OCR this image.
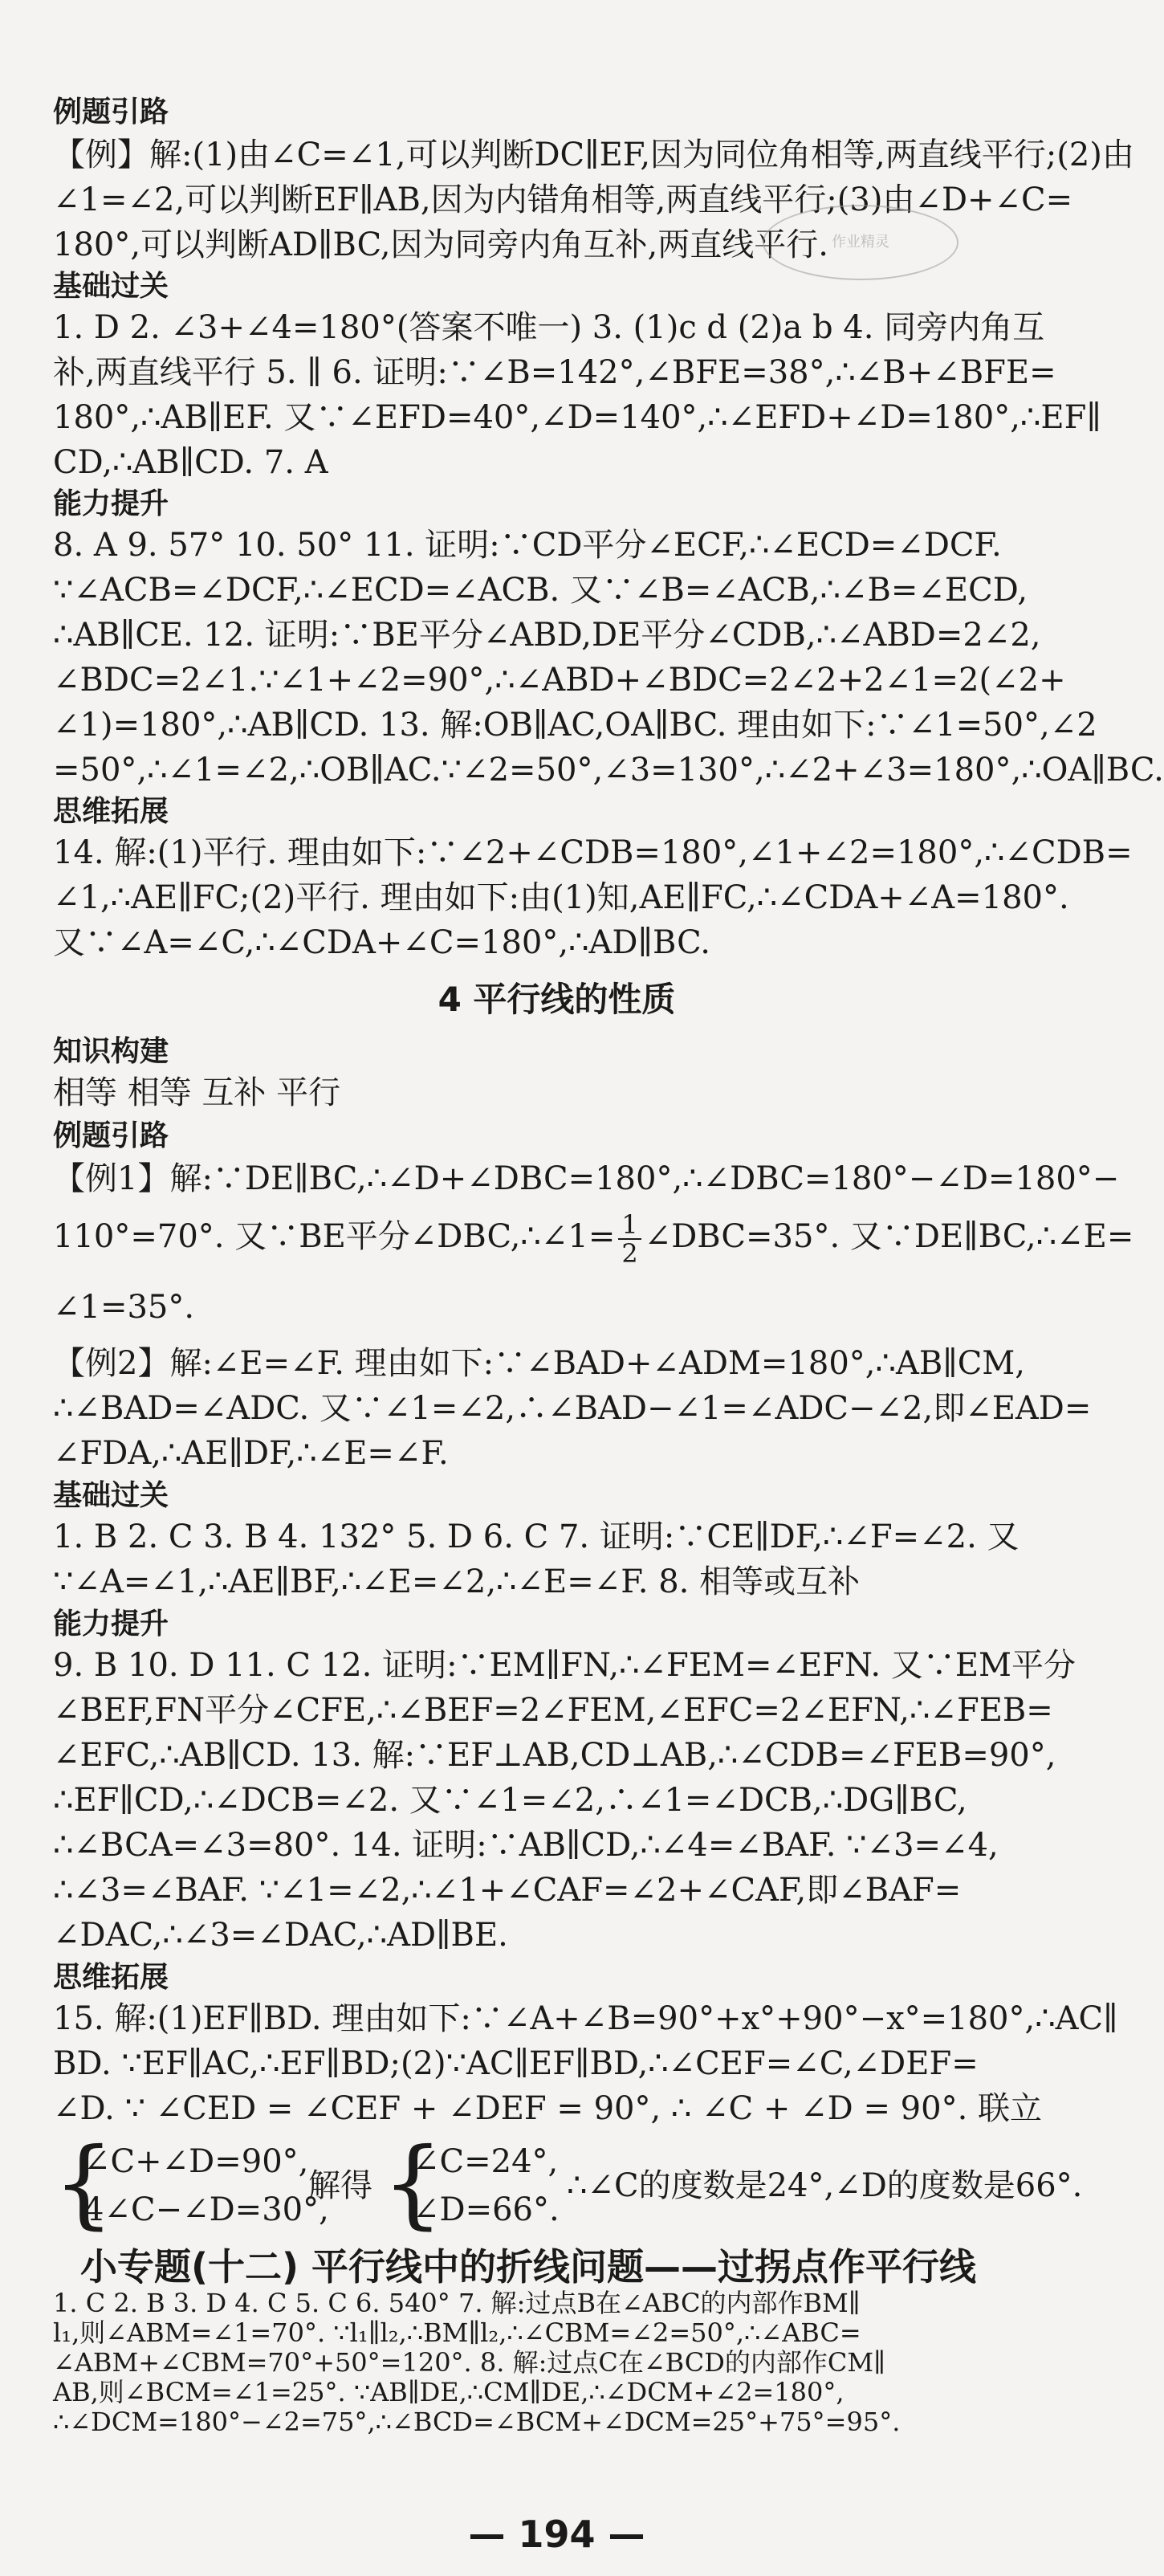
例题引路
【例】解:(1)由∠C=∠1,可以判断DC∥EF,因为同位角相等,两直线平行;(2)由
∠1=∠2,可以判断EF∥AB,因为内错角相等,两直线平行;(3)由∠D+∠C=
180°,可以判断AD∥BC,因为同旁内角互补,两直线平行. 作业精灵
基础过关
1. D 2. ∠3+∠4=180°(答案不唯一) 3. (1)c d (2)a b 4. 同旁内角互
补,两直线平行 5. ∥ 6. 证明:∵∠B=142°,∠BFE=38°,∴∠B+∠BFE=
180°,∴AB∥EF. 又∵∠EFD=40°,∠D=140°,∴∠EFD+∠D=180°,∴EF∥
CD,∴AB∥CD. 7. A
能力提升
8. A 9. 57° 10. 50° 11. 证明:∵CD平分∠ECF,∴∠ECD=∠DCF.
∵∠ACB=∠DCF,∴∠ECD=∠ACB. 又∵∠B=∠ACB,∴∠B=∠ECD,
∴AB∥CE. 12. 证明:∵BE平分∠ABD,DE平分∠CDB,∴∠ABD=2∠2,
∠BDC=2∠1.∵∠1+∠2=90°,∴∠ABD+∠BDC=2∠2+2∠1=2(∠2+
∠1)=180°,∴AB∥CD. 13. 解:OB∥AC,OA∥BC. 理由如下:∵∠1=50°,∠2
=50°,∴∠1=∠2,∴OB∥AC.∵∠2=50°,∠3=130°,∴∠2+∠3=180°,∴OA∥BC.
思维拓展
14. 解:(1)平行. 理由如下:∵∠2+∠CDB=180°,∠1+∠2=180°,∴∠CDB=
∠1,∴AE∥FC;(2)平行. 理由如下:由(1)知,AE∥FC,∴∠CDA+∠A=180°.
又∵∠A=∠C,∴∠CDA+∠C=180°,∴AD∥BC.
4 平行线的性质
知识构建
相等 相等 互补 平行
例题引路
【例1】解:∵DE∥BC,∴∠D+∠DBC=180°,∴∠DBC=180°−∠D=180°−
110°=70°. 又∵BE平分∠DBC,∴∠1= $\frac{1}{2}$ ∠DBC=35°. 又∵DE∥BC,∴∠E=
∠1=35°.
【例2】解:∠E=∠F. 理由如下:∵∠BAD+∠ADM=180°,∴AB∥CM,
∴∠BAD=∠ADC. 又∵∠1=∠2,∴∠BAD−∠1=∠ADC−∠2,即∠EAD=
∠FDA,∴AE∥DF,∴∠E=∠F.
基础过关
1. B 2. C 3. B 4. 132° 5. D 6. C 7. 证明:∵CE∥DF,∴∠F=∠2. 又
∵∠A=∠1,∴AE∥BF,∴∠E=∠2,∴∠E=∠F. 8. 相等或互补
能力提升
9. B 10. D 11. C 12. 证明:∵EM∥FN,∴∠FEM=∠EFN. 又∵EM平分
∠BEF,FN平分∠CFE,∴∠BEF=2∠FEM,∠EFC=2∠EFN,∴∠FEB=
∠EFC,∴AB∥CD. 13. 解:∵EF⊥AB,CD⊥AB,∴∠CDB=∠FEB=90°,
∴EF∥CD,∴∠DCB=∠2. 又∵∠1=∠2,∴∠1=∠DCB,∴DG∥BC,
∴∠BCA=∠3=80°. 14. 证明:∵AB∥CD,∴∠4=∠BAF. ∵∠3=∠4,
∴∠3=∠BAF. ∵∠1=∠2,∴∠1+∠CAF=∠2+∠CAF,即∠BAF=
∠DAC,∴∠3=∠DAC,∴AD∥BE.
思维拓展
15. 解:(1)EF∥BD. 理由如下:∵∠A+∠B=90°+x°+90°−x°=180°,∴AC∥
BD. ∵EF∥AC,∴EF∥BD;(2)∵AC∥EF∥BD,∴∠CEF=∠C,∠DEF=
∠D. ∵ ∠CED = ∠CEF + ∠DEF = 90°, ∴ ∠C + ∠D = 90°. 联立
{
∠C+∠D=90°,
4∠C−∠D=30°,
解得 {
∠C=24°,
∠D=66°.
∴∠C的度数是24°,∠D的度数是66°.
小专题(十二) 平行线中的折线问题——过拐点作平行线
1. C 2. B 3. D 4. C 5. C 6. 540° 7. 解:过点B在∠ABC的内部作BM∥
l₁,则∠ABM=∠1=70°. ∵l₁∥l₂,∴BM∥l₂,∴∠CBM=∠2=50°,∴∠ABC=
∠ABM+∠CBM=70°+50°=120°. 8. 解:过点C在∠BCD的内部作CM∥
AB,则∠BCM=∠1=25°. ∵AB∥DE,∴CM∥DE,∴∠DCM+∠2=180°,
∴∠DCM=180°−∠2=75°,∴∠BCD=∠BCM+∠DCM=25°+75°=95°.
— 194 —
